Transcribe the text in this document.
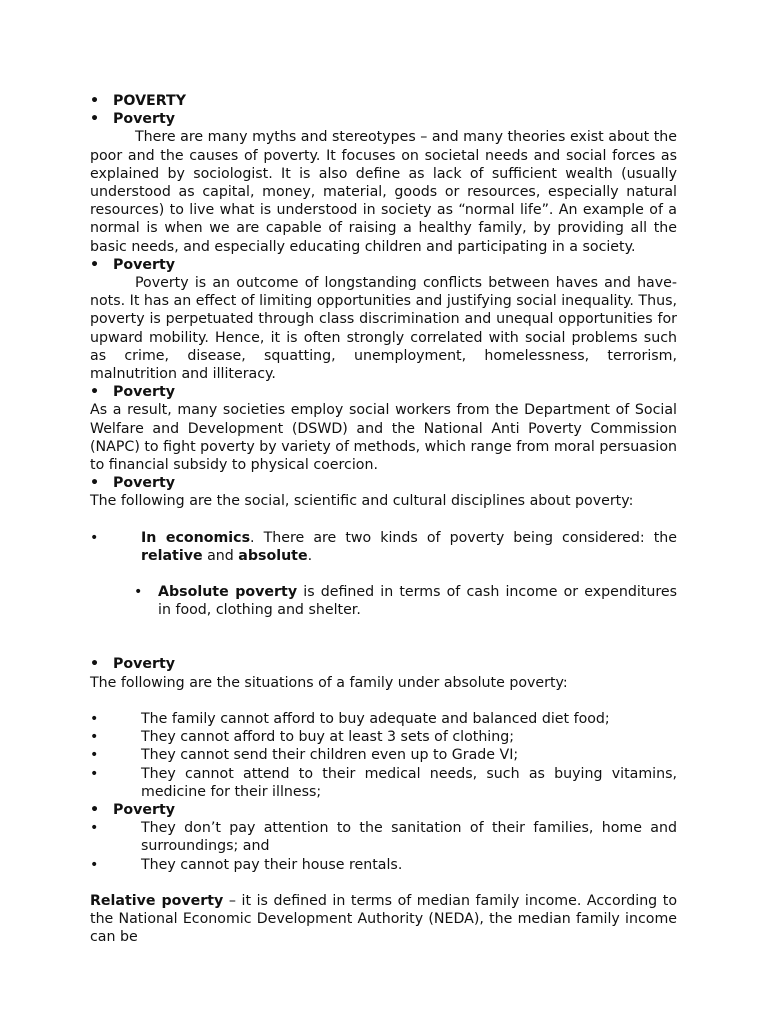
• POVERTY
• Poverty

There are many myths and stereotypes – and many theories exist about the poor and the causes of poverty. It focuses on societal needs and social forces as explained by sociologist. It is also define as lack of sufficient wealth (usually understood as capital, money, material, goods or resources, especially natural resources) to live what is understood in society as “normal life”. An example of a normal is when we are capable of raising a healthy family, by providing all the basic needs, and especially educating children and participating in a society.

• Poverty

Poverty is an outcome of longstanding conflicts between haves and have-nots. It has an effect of limiting opportunities and justifying social inequality. Thus, poverty is perpetuated through class discrimination and unequal opportunities for upward mobility. Hence, it is often strongly correlated with social problems such as crime, disease, squatting, unemployment, homelessness, terrorism, malnutrition and illiteracy.

• Poverty

As a result, many societies employ social workers from the Department of Social Welfare and Development (DSWD) and the National Anti Poverty Commission (NAPC) to fight poverty by variety of methods, which range from moral persuasion to financial subsidy to physical coercion.

• Poverty

The following are the social, scientific and cultural disciplines about poverty:

•	In economics. There are two kinds of poverty being considered: the relative and absolute.
• Absolute poverty is defined in terms of cash income or expenditures in food, clothing and shelter.
• Poverty

The following are the situations of a family under absolute poverty:

•	The family cannot afford to buy adequate and balanced diet food;
•	They cannot afford to buy at least 3 sets of clothing;
•	They cannot send their children even up to Grade VI;
•	They cannot attend to their medical needs, such as buying vitamins, medicine for their illness;
• Poverty
•	They don’t pay attention to the sanitation of their families, home and surroundings; and
•	They cannot pay their house rentals.

Relative poverty – it is defined in terms of median family income. According to the National Economic Development Authority (NEDA), the median family income can be
